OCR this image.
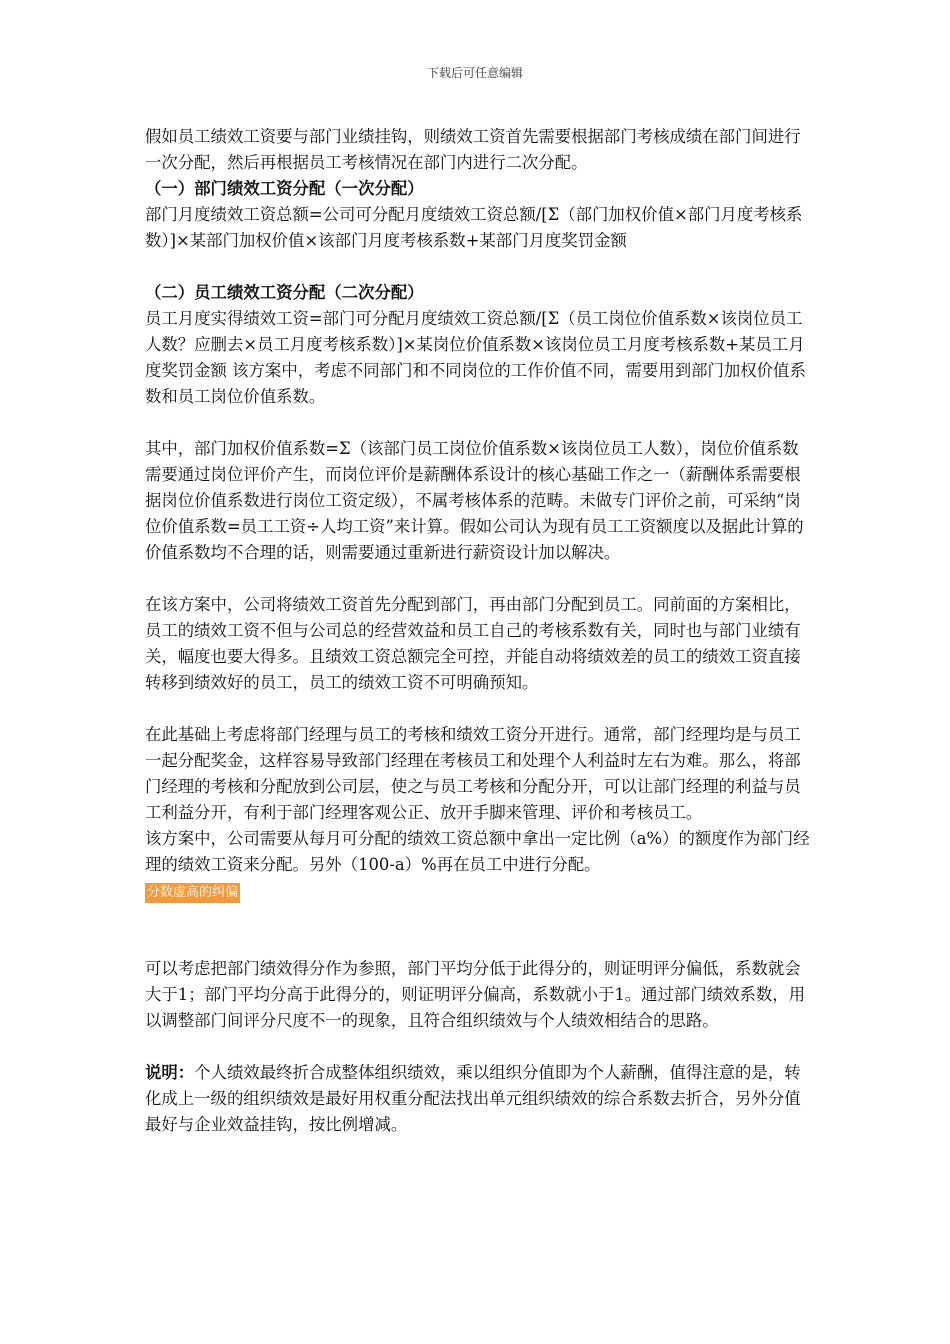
下载后可任意编辑

假如员工绩效工资要与部门业绩挂钩，则绩效工资首先需要根据部门考核成绩在部门间进行一次分配，然后再根据员工考核情况在部门内进行二次分配。

（一）部门绩效工资分配（一次分配）

部门月度绩效工资总额=公司可分配月度绩效工资总额/[Σ（部门加权价值×部门月度考核系数）]×某部门加权价值×该部门月度考核系数+某部门月度奖罚金额

（二）员工绩效工资分配（二次分配）

员工月度实得绩效工资=部门可分配月度绩效工资总额/[Σ（员工岗位价值系数×该岗位员工人数？应删去×员工月度考核系数）]×某岗位价值系数×该岗位员工月度考核系数+某员工月度奖罚金额 该方案中，考虑不同部门和不同岗位的工作价值不同，需要用到部门加权价值系数和员工岗位价值系数。

其中，部门加权价值系数=Σ（该部门员工岗位价值系数×该岗位员工人数），岗位价值系数需要通过岗位评价产生，而岗位评价是薪酬体系设计的核心基础工作之一（薪酬体系需要根据岗位价值系数进行岗位工资定级），不属考核体系的范畴。未做专门评价之前，可采纳“岗位价值系数=员工工资÷人均工资”来计算。假如公司认为现有员工工资额度以及据此计算的价值系数均不合理的话，则需要通过重新进行薪资设计加以解决。

在该方案中，公司将绩效工资首先分配到部门，再由部门分配到员工。同前面的方案相比，员工的绩效工资不但与公司总的经营效益和员工自己的考核系数有关，同时也与部门业绩有关，幅度也要大得多。且绩效工资总额完全可控，并能自动将绩效差的员工的绩效工资直接转移到绩效好的员工，员工的绩效工资不可明确预知。

在此基础上考虑将部门经理与员工的考核和绩效工资分开进行。通常，部门经理均是与员工一起分配奖金，这样容易导致部门经理在考核员工和处理个人利益时左右为难。那么，将部门经理的考核和分配放到公司层，使之与员工考核和分配分开，可以让部门经理的利益与员工利益分开，有利于部门经理客观公正、放开手脚来管理、评价和考核员工。

该方案中，公司需要从每月可分配的绩效工资总额中拿出一定比例（a%）的额度作为部门经理的绩效工资来分配。另外（100-a）%再在员工中进行分配。

分数虚高的纠偏

可以考虑把部门绩效得分作为参照，部门平均分低于此得分的，则证明评分偏低，系数就会大于1；部门平均分高于此得分的，则证明评分偏高，系数就小于1。通过部门绩效系数，用以调整部门间评分尺度不一的现象，且符合组织绩效与个人绩效相结合的思路。

说明：个人绩效最终折合成整体组织绩效，乘以组织分值即为个人薪酬，值得注意的是，转化成上一级的组织绩效是最好用权重分配法找出单元组织绩效的综合系数去折合，另外分值最好与企业效益挂钩，按比例增减。
